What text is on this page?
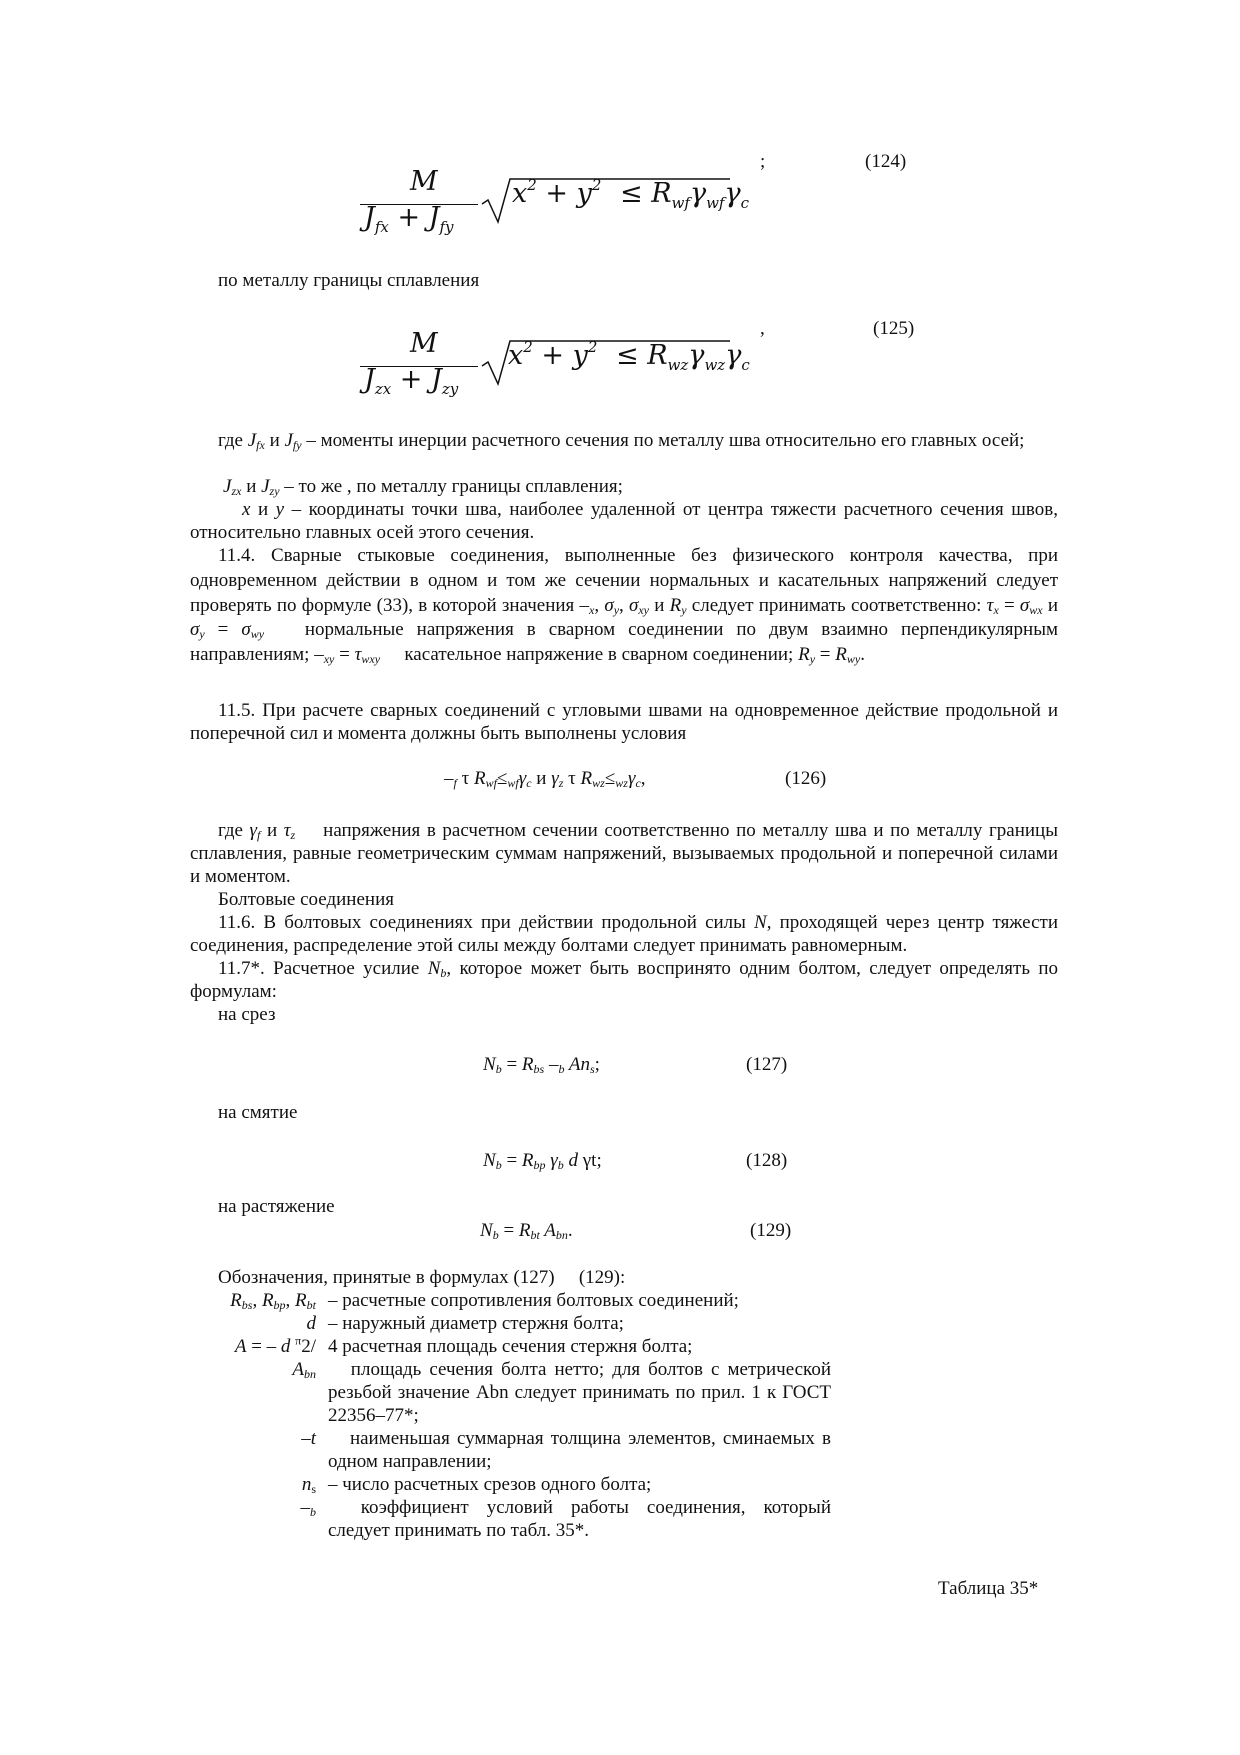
;	(124)
M
$J_{fx} + J_{fy}$
$x^2 + y^2 \le R_{wf}\gamma_{wf}\gamma_c$
по металлу границы сплавления
,	(125)
M
$J_{zx} + J_{zy}$
$x^2 + y^2 \le R_{wz}\gamma_{wz}\gamma_c$

где $J_{fx}$ и $J_{fy}$ – моменты инерции расчетного сечения по металлу шва относительно его главных осей;

$J_{zx}$ и $J_{zy}$ – то же , по металлу границы сплавления;

x и y – координаты точки шва, наиболее удаленной от центра тяжести расчетного сечения швов, относительно главных осей этого сечения.

11.4. Сварные стыковые соединения, выполненные без физического контроля качества, при одновременном действии в одном и том же сечении нормальных и касательных напряжений следует проверять по формуле (33), в которой значения $-_x$, $\sigma_y$, $\sigma_{xy}$ и $R_y$ следует принимать соответственно: $\tau_x = \sigma_{wx}$ и $\sigma_y = \sigma_{wy}$ нормальные напряжения в сварном соединении по двум взаимно перпендикулярным направлениям; $-_{xy} = \tau_{wxy}$ касательное напряжение в сварном соединении; $R_y = R_{wy}$.

11.5. При расчете сварных соединений с угловыми швами на одновременное действие продольной и поперечной сил и момента должны быть выполнены условия

$-_f$ τ $R_{wf}\le_{wf}\gamma_c$ и $\gamma_z$ τ $R_{wz}\le_{wz}\gamma_c$,	(126)

где $\gamma_f$ и $\tau_z$ напряжения в расчетном сечении соответственно по металлу шва и по металлу границы сплавления, равные геометрическим суммам напряжений, вызываемых продольной и поперечной силами и моментом.

Болтовые соединения

11.6. В болтовых соединениях при действии продольной силы N, проходящей через центр тяжести соединения, распределение этой силы между болтами следует принимать равномерным.

11.7*. Расчетное усилие $N_b$, которое может быть воспринято одним болтом, следует определять по формулам:

на срез
$N_b = R_{bs}$ $-_b$ $An_s$;	(127)
на смятие
$N_b = R_{bp}$ $\gamma_b$ d γt;	(128)
на растяжение
$N_b = R_{bt}$ $A_{bn}$.	(129)
Обозначения, принятые в формулах (127) (129):
$R_{bs}$, $R_{bp}$, $R_{bt}$ – расчетные сопротивления болтовых соединений;
d – наружный диаметр стержня болта;
A = – d $^\pi$2/ 4 расчетная площадь сечения стержня болта;
$A_{bn}$ площадь сечения болта нетто; для болтов с метрической резьбой значение Abn следует принимать по прил. 1 к ГОСТ 22356–77*;
–t наименьшая суммарная толщина элементов, сминаемых в одном направлении;
$n_s$ – число расчетных срезов одного болта;
$-_b$ коэффициент условий работы соединения, который следует принимать по табл. 35*.
Таблица 35*
